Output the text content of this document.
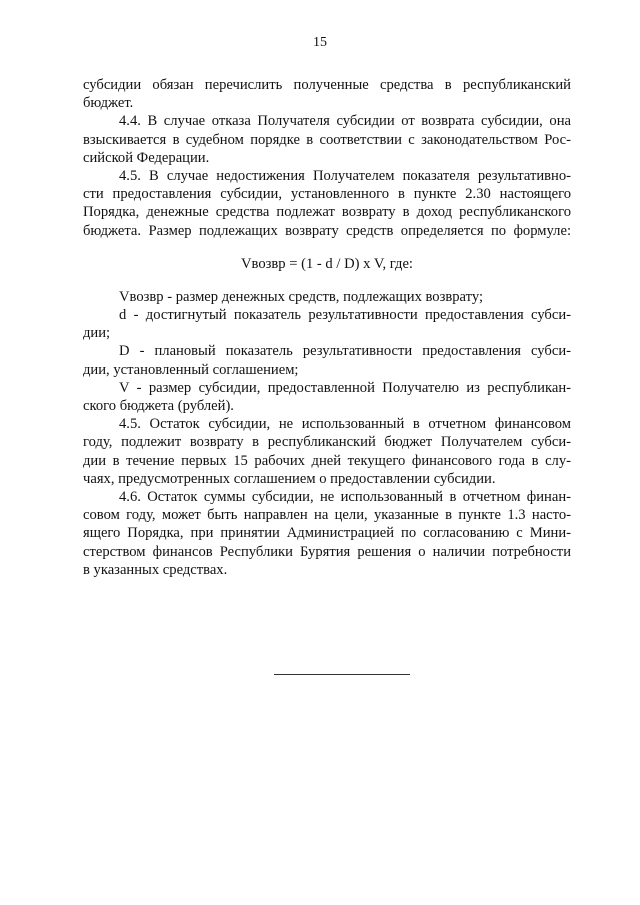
15
субсидии обязан перечислить полученные средства в республиканский
бюджет.
4.4. В случае отказа Получателя субсидии от возврата субсидии, она
взыскивается в судебном порядке в соответствии с законодательством Рос-
сийской Федерации.
4.5. В случае недостижения Получателем показателя результативно-
сти предоставления субсидии, установленного в пункте 2.30 настоящего
Порядка, денежные средства подлежат возврату в доход республиканского
бюджета. Размер подлежащих возврату средств определяется по формуле:
Vвозвр = (1 - d / D) x V, где:
Vвозвр - размер денежных средств, подлежащих возврату;
d - достигнутый показатель результативности предоставления субси-
дии;
D - плановый показатель результативности предоставления субси-
дии, установленный соглашением;
V - размер субсидии, предоставленной Получателю из республикан-
ского бюджета (рублей).
4.5. Остаток субсидии, не использованный в отчетном финансовом
году, подлежит возврату в республиканский бюджет Получателем субси-
дии в течение первых 15 рабочих дней текущего финансового года в слу-
чаях, предусмотренных соглашением о предоставлении субсидии.
4.6. Остаток суммы субсидии, не использованный в отчетном финан-
совом году, может быть направлен на цели, указанные в пункте 1.3 насто-
ящего Порядка, при принятии Администрацией по согласованию с Мини-
стерством финансов Республики Бурятия решения о наличии потребности
в указанных средствах.
